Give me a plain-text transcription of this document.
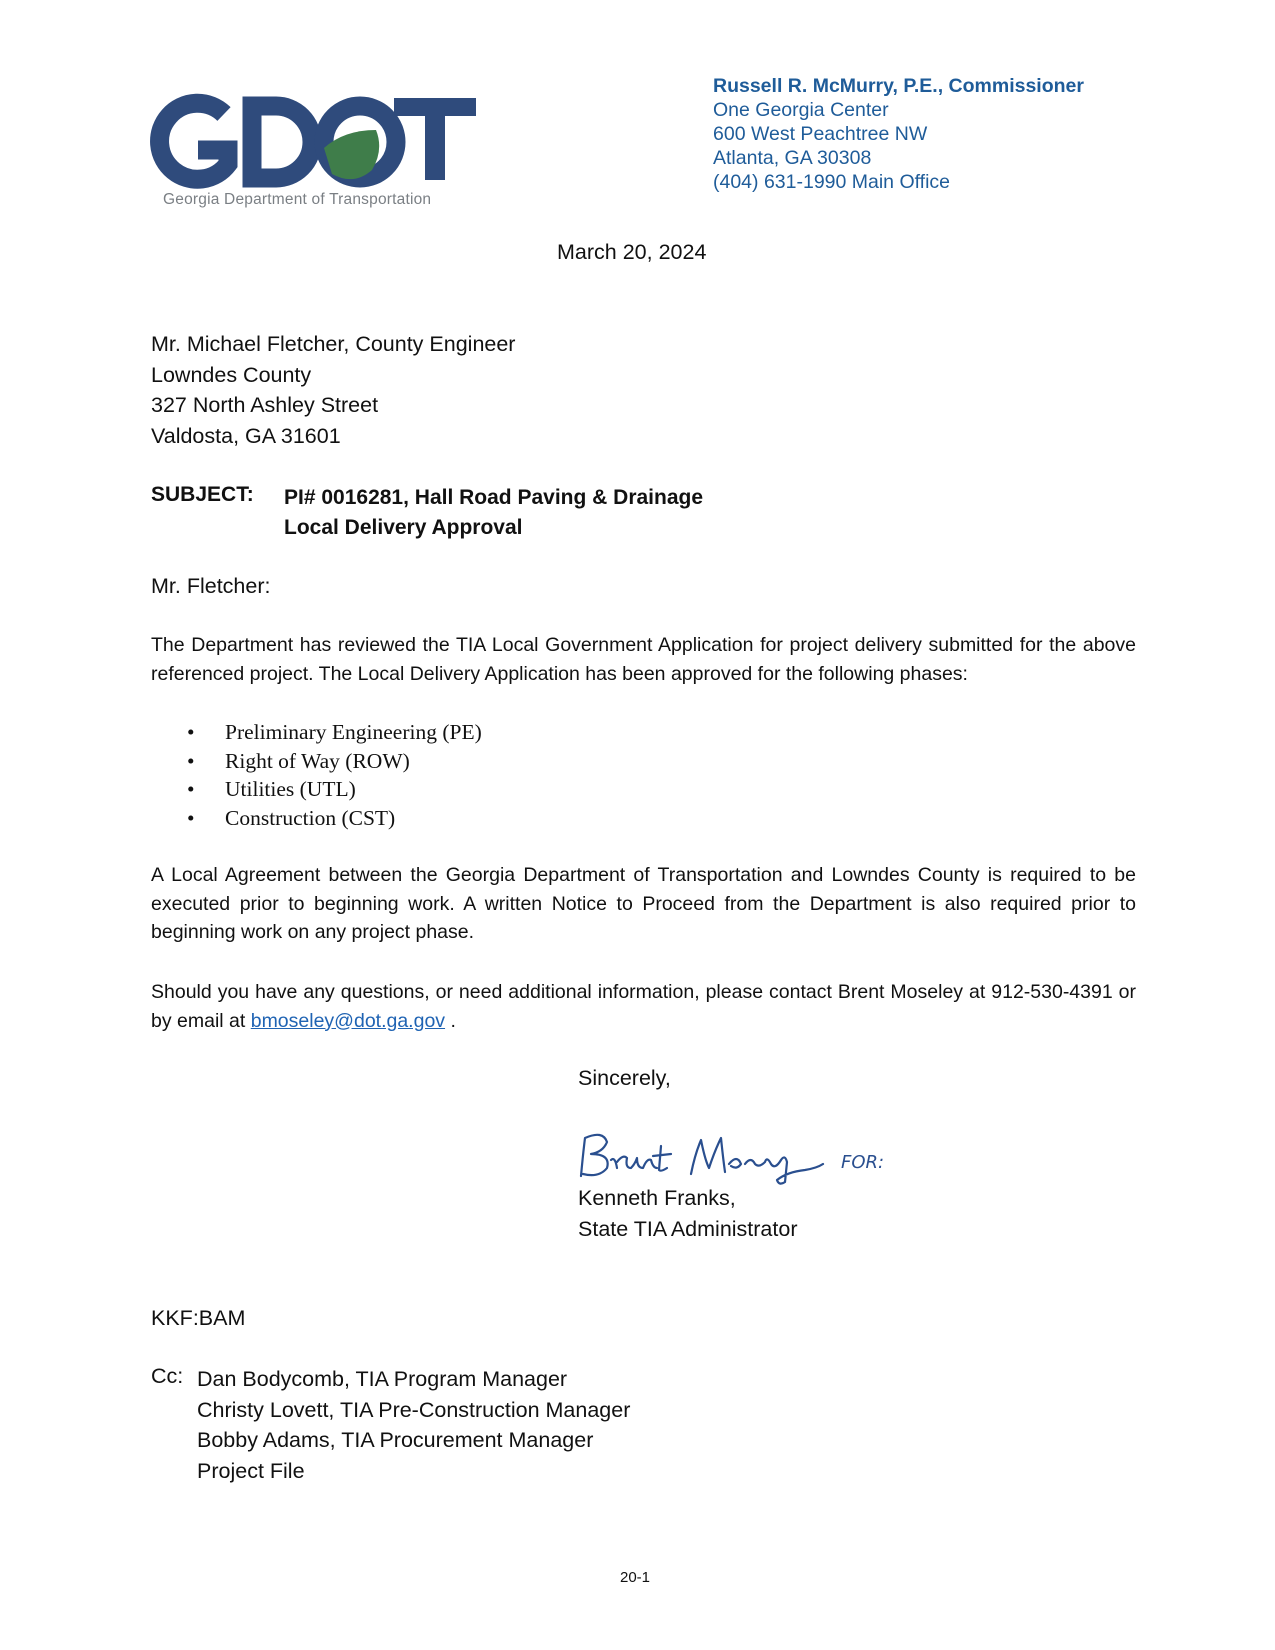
Georgia Department of Transportation
Russell R. McMurry, P.E., Commissioner
One Georgia Center
600 West Peachtree NW
Atlanta, GA 30308
(404) 631-1990 Main Office
March 20, 2024
Mr. Michael Fletcher, County Engineer
Lowndes County
327 North Ashley Street
Valdosta, GA 31601
SUBJECT: PI# 0016281, Hall Road Paving & Drainage
Local Delivery Approval
Mr. Fletcher:
The Department has reviewed the TIA Local Government Application for project delivery submitted for the above referenced project. The Local Delivery Application has been approved for the following phases:
• Preliminary Engineering (PE)
• Right of Way (ROW)
• Utilities (UTL)
• Construction (CST)
A Local Agreement between the Georgia Department of Transportation and Lowndes County is required to be executed prior to beginning work. A written Notice to Proceed from the Department is also required prior to beginning work on any project phase.
Should you have any questions, or need additional information, please contact Brent Moseley at 912-530-4391 or by email at bmoseley@dot.ga.gov .
Sincerely,
FOR:
Kenneth Franks,
State TIA Administrator
KKF:BAM
Cc: Dan Bodycomb, TIA Program Manager
Christy Lovett, TIA Pre-Construction Manager
Bobby Adams, TIA Procurement Manager
Project File
20-1
